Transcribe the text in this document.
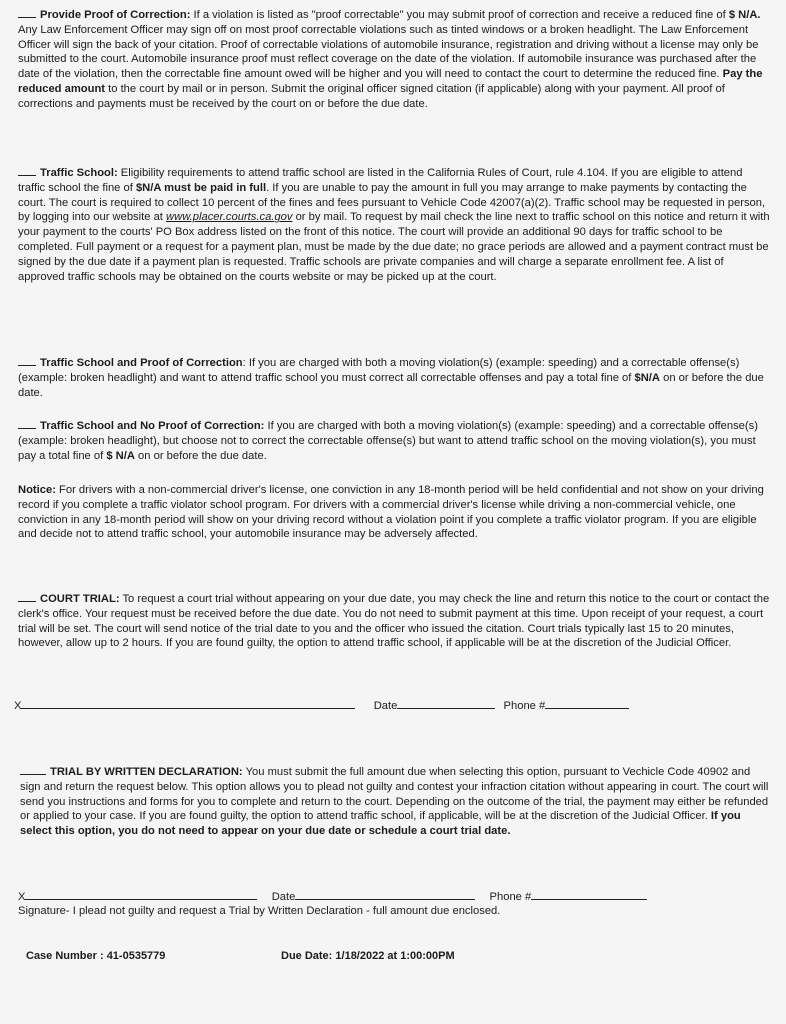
Provide Proof of Correction: If a violation is listed as "proof correctable" you may submit proof of correction and receive a reduced fine of $ N/A. Any Law Enforcement Officer may sign off on most proof correctable violations such as tinted windows or a broken headlight. The Law Enforcement Officer will sign the back of your citation. Proof of correctable violations of automobile insurance, registration and driving without a license may only be submitted to the court. Automobile insurance proof must reflect coverage on the date of the violation. If automobile insurance was purchased after the date of the violation, then the correctable fine amount owed will be higher and you will need to contact the court to determine the reduced fine. Pay the reduced amount to the court by mail or in person. Submit the original officer signed citation (if applicable) along with your payment. All proof of corrections and payments must be received by the court on or before the due date.

Traffic School: Eligibility requirements to attend traffic school are listed in the California Rules of Court, rule 4.104. If you are eligible to attend traffic school the fine of $N/A must be paid in full. If you are unable to pay the amount in full you may arrange to make payments by contacting the court. The court is required to collect 10 percent of the fines and fees pursuant to Vehicle Code 42007(a)(2). Traffic school may be requested in person, by logging into our website at www.placer.courts.ca.gov or by mail. To request by mail check the line next to traffic school on this notice and return it with your payment to the courts' PO Box address listed on the front of this notice. The court will provide an additional 90 days for traffic school to be completed. Full payment or a request for a payment plan, must be made by the due date; no grace periods are allowed and a payment contract must be signed by the due date if a payment plan is requested. Traffic schools are private companies and will charge a separate enrollment fee. A list of approved traffic schools may be obtained on the courts website or may be picked up at the court.

Traffic School and Proof of Correction: If you are charged with both a moving violation(s) (example: speeding) and a correctable offense(s) (example: broken headlight) and want to attend traffic school you must correct all correctable offenses and pay a total fine of $N/A on or before the due date.

Traffic School and No Proof of Correction: If you are charged with both a moving violation(s) (example: speeding) and a correctable offense(s) (example: broken headlight), but choose not to correct the correctable offense(s) but want to attend traffic school on the moving violation(s), you must pay a total fine of $ N/A on or before the due date.

Notice: For drivers with a non-commercial driver's license, one conviction in any 18-month period will be held confidential and not show on your driving record if you complete a traffic violator school program. For drivers with a commercial driver's license while driving a non-commercial vehicle, one conviction in any 18-month period will show on your driving record without a violation point if you complete a traffic violator program. If you are eligible and decide not to attend traffic school, your automobile insurance may be adversely affected.

COURT TRIAL: To request a court trial without appearing on your due date, you may check the line and return this notice to the court or contact the clerk's office. Your request must be received before the due date. You do not need to submit payment at this time. Upon receipt of your request, a court trial will be set. The court will send notice of the trial date to you and the officer who issued the citation. Court trials typically last 15 to 20 minutes, however, allow up to 2 hours. If you are found guilty, the option to attend traffic school, if applicable will be at the discretion of the Judicial Officer.

X	Date	Phone #

TRIAL BY WRITTEN DECLARATION: You must submit the full amount due when selecting this option, pursuant to Vechicle Code 40902 and sign and return the request below. This option allows you to plead not guilty and contest your infraction citation without appearing in court. The court will send you instructions and forms for you to complete and return to the court. Depending on the outcome of the trial, the payment may either be refunded or applied to your case. If you are found guilty, the option to attend traffic school, if applicable, will be at the discretion of the Judicial Officer. If you select this option, you do not need to appear on your due date or schedule a court trial date.

X	Date	Phone #
Signature- I plead not guilty and request a Trial by Written Declaration - full amount due enclosed.
Case Number : 41-0535779	Due Date: 1/18/2022 at 1:00:00PM
